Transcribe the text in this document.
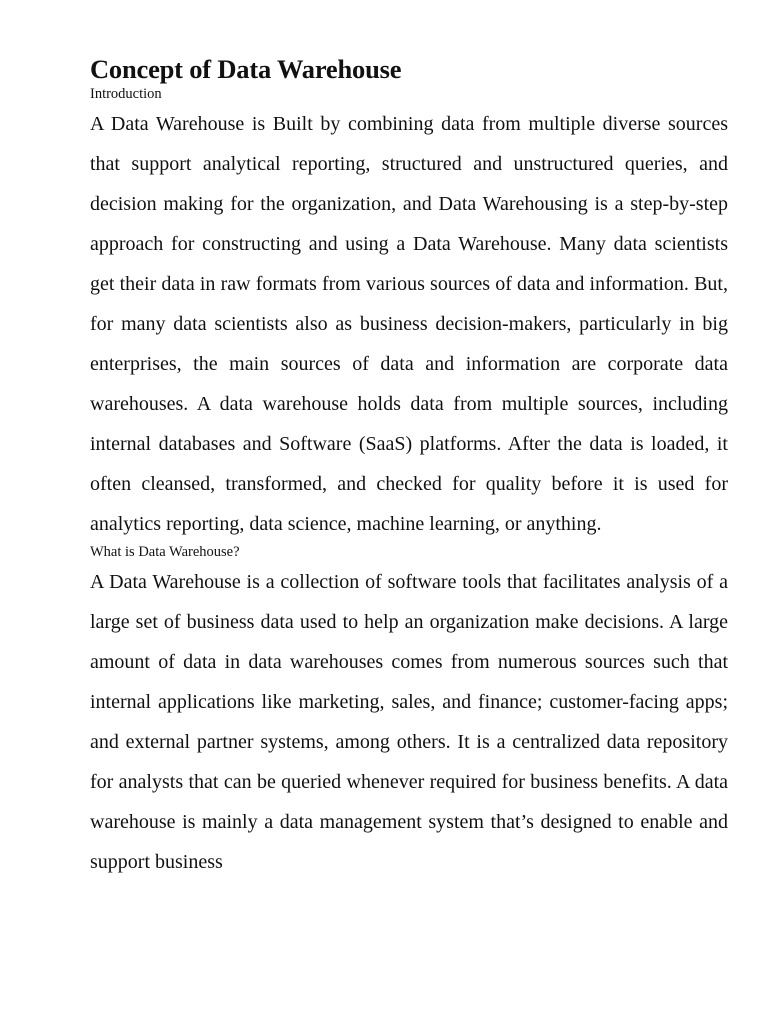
Concept of Data Warehouse

Introduction

A Data Warehouse is Built by combining data from multiple diverse sources that support analytical reporting, structured and unstructured queries, and decision making for the organization, and Data Warehousing is a step-by-step approach for constructing and using a Data Warehouse. Many data scientists get their data in raw formats from various sources of data and information. But, for many data scientists also as business decision-makers, particularly in big enterprises, the main sources of data and information are corporate data warehouses. A data warehouse holds data from multiple sources, including internal databases and Software (SaaS) platforms. After the data is loaded, it often cleansed, transformed, and checked for quality before it is used for analytics reporting, data science, machine learning, or anything.

What is Data Warehouse?

A Data Warehouse is a collection of software tools that facilitates analysis of a large set of business data used to help an organization make decisions. A large amount of data in data warehouses comes from numerous sources such that internal applications like marketing, sales, and finance; customer-facing apps; and external partner systems, among others. It is a centralized data repository for analysts that can be queried whenever required for business benefits. A data warehouse is mainly a data management system that’s designed to enable and support business
